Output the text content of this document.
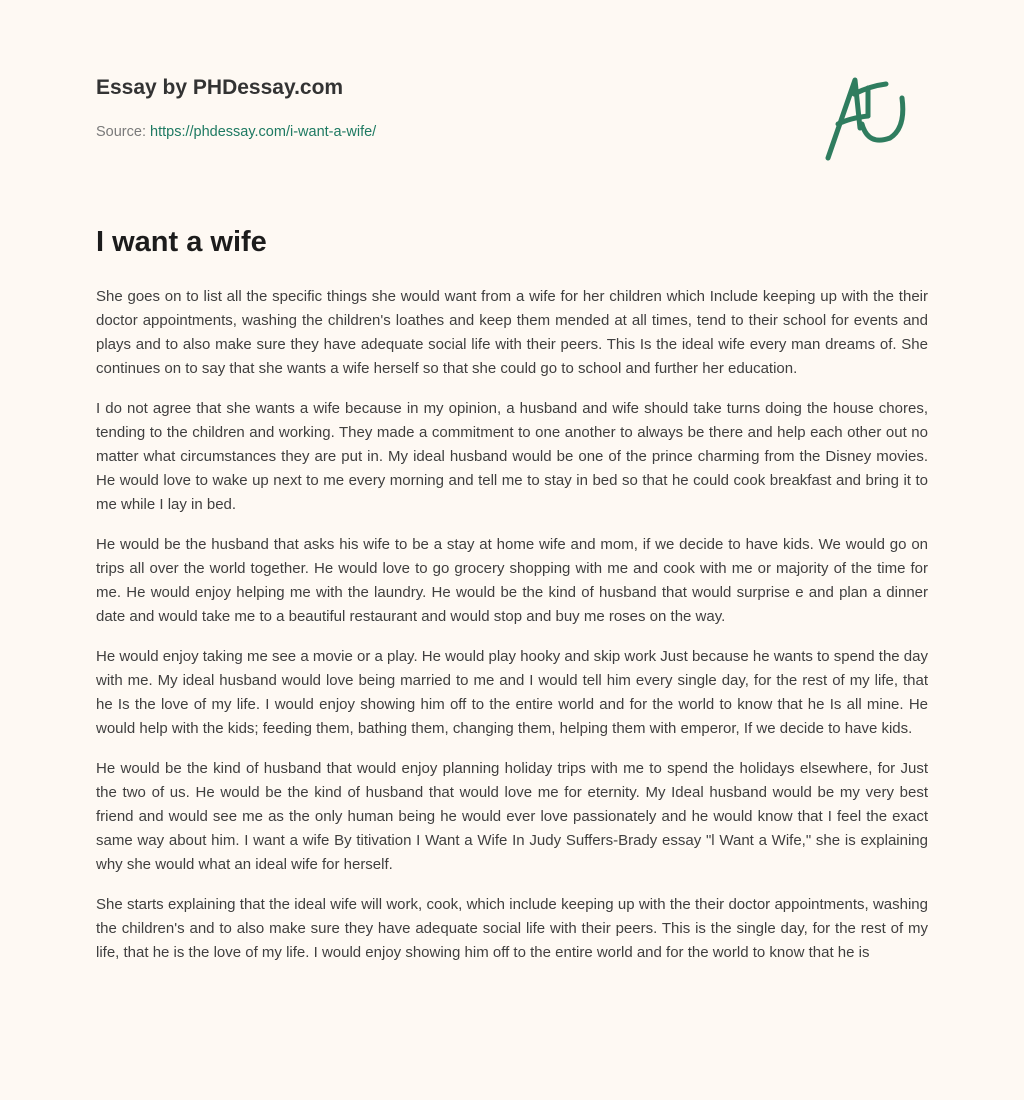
Essay by PHDessay.com
Source: https://phdessay.com/i-want-a-wife/
I want a wife

She goes on to list all the specific things she would want from a wife for her children which Include keeping up with the their doctor appointments, washing the children's loathes and keep them mended at all times, tend to their school for events and plays and to also make sure they have adequate social life with their peers. This Is the ideal wife every man dreams of. She continues on to say that she wants a wife herself so that she could go to school and further her education.

I do not agree that she wants a wife because in my opinion, a husband and wife should take turns doing the house chores, tending to the children and working. They made a commitment to one another to always be there and help each other out no matter what circumstances they are put in. My ideal husband would be one of the prince charming from the Disney movies. He would love to wake up next to me every morning and tell me to stay in bed so that he could cook breakfast and bring it to me while I lay in bed.

He would be the husband that asks his wife to be a stay at home wife and mom, if we decide to have kids. We would go on trips all over the world together. He would love to go grocery shopping with me and cook with me or majority of the time for me. He would enjoy helping me with the laundry. He would be the kind of husband that would surprise e and plan a dinner date and would take me to a beautiful restaurant and would stop and buy me roses on the way.

He would enjoy taking me see a movie or a play. He would play hooky and skip work Just because he wants to spend the day with me. My ideal husband would love being married to me and I would tell him every single day, for the rest of my life, that he Is the love of my life. I would enjoy showing him off to the entire world and for the world to know that he Is all mine. He would help with the kids; feeding them, bathing them, changing them, helping them with emperor, If we decide to have kids.

He would be the kind of husband that would enjoy planning holiday trips with me to spend the holidays elsewhere, for Just the two of us. He would be the kind of husband that would love me for eternity. My Ideal husband would be my very best friend and would see me as the only human being he would ever love passionately and he would know that I feel the exact same way about him. I want a wife By titivation I Want a Wife In Judy Suffers-Brady essay "l Want a Wife," she is explaining why she would what an ideal wife for herself.

She starts explaining that the ideal wife will work, cook, which include keeping up with the their doctor appointments, washing the children's and to also make sure they have adequate social life with their peers. This is the single day, for the rest of my life, that he is the love of my life. I would enjoy showing him off to the entire world and for the world to know that he is
